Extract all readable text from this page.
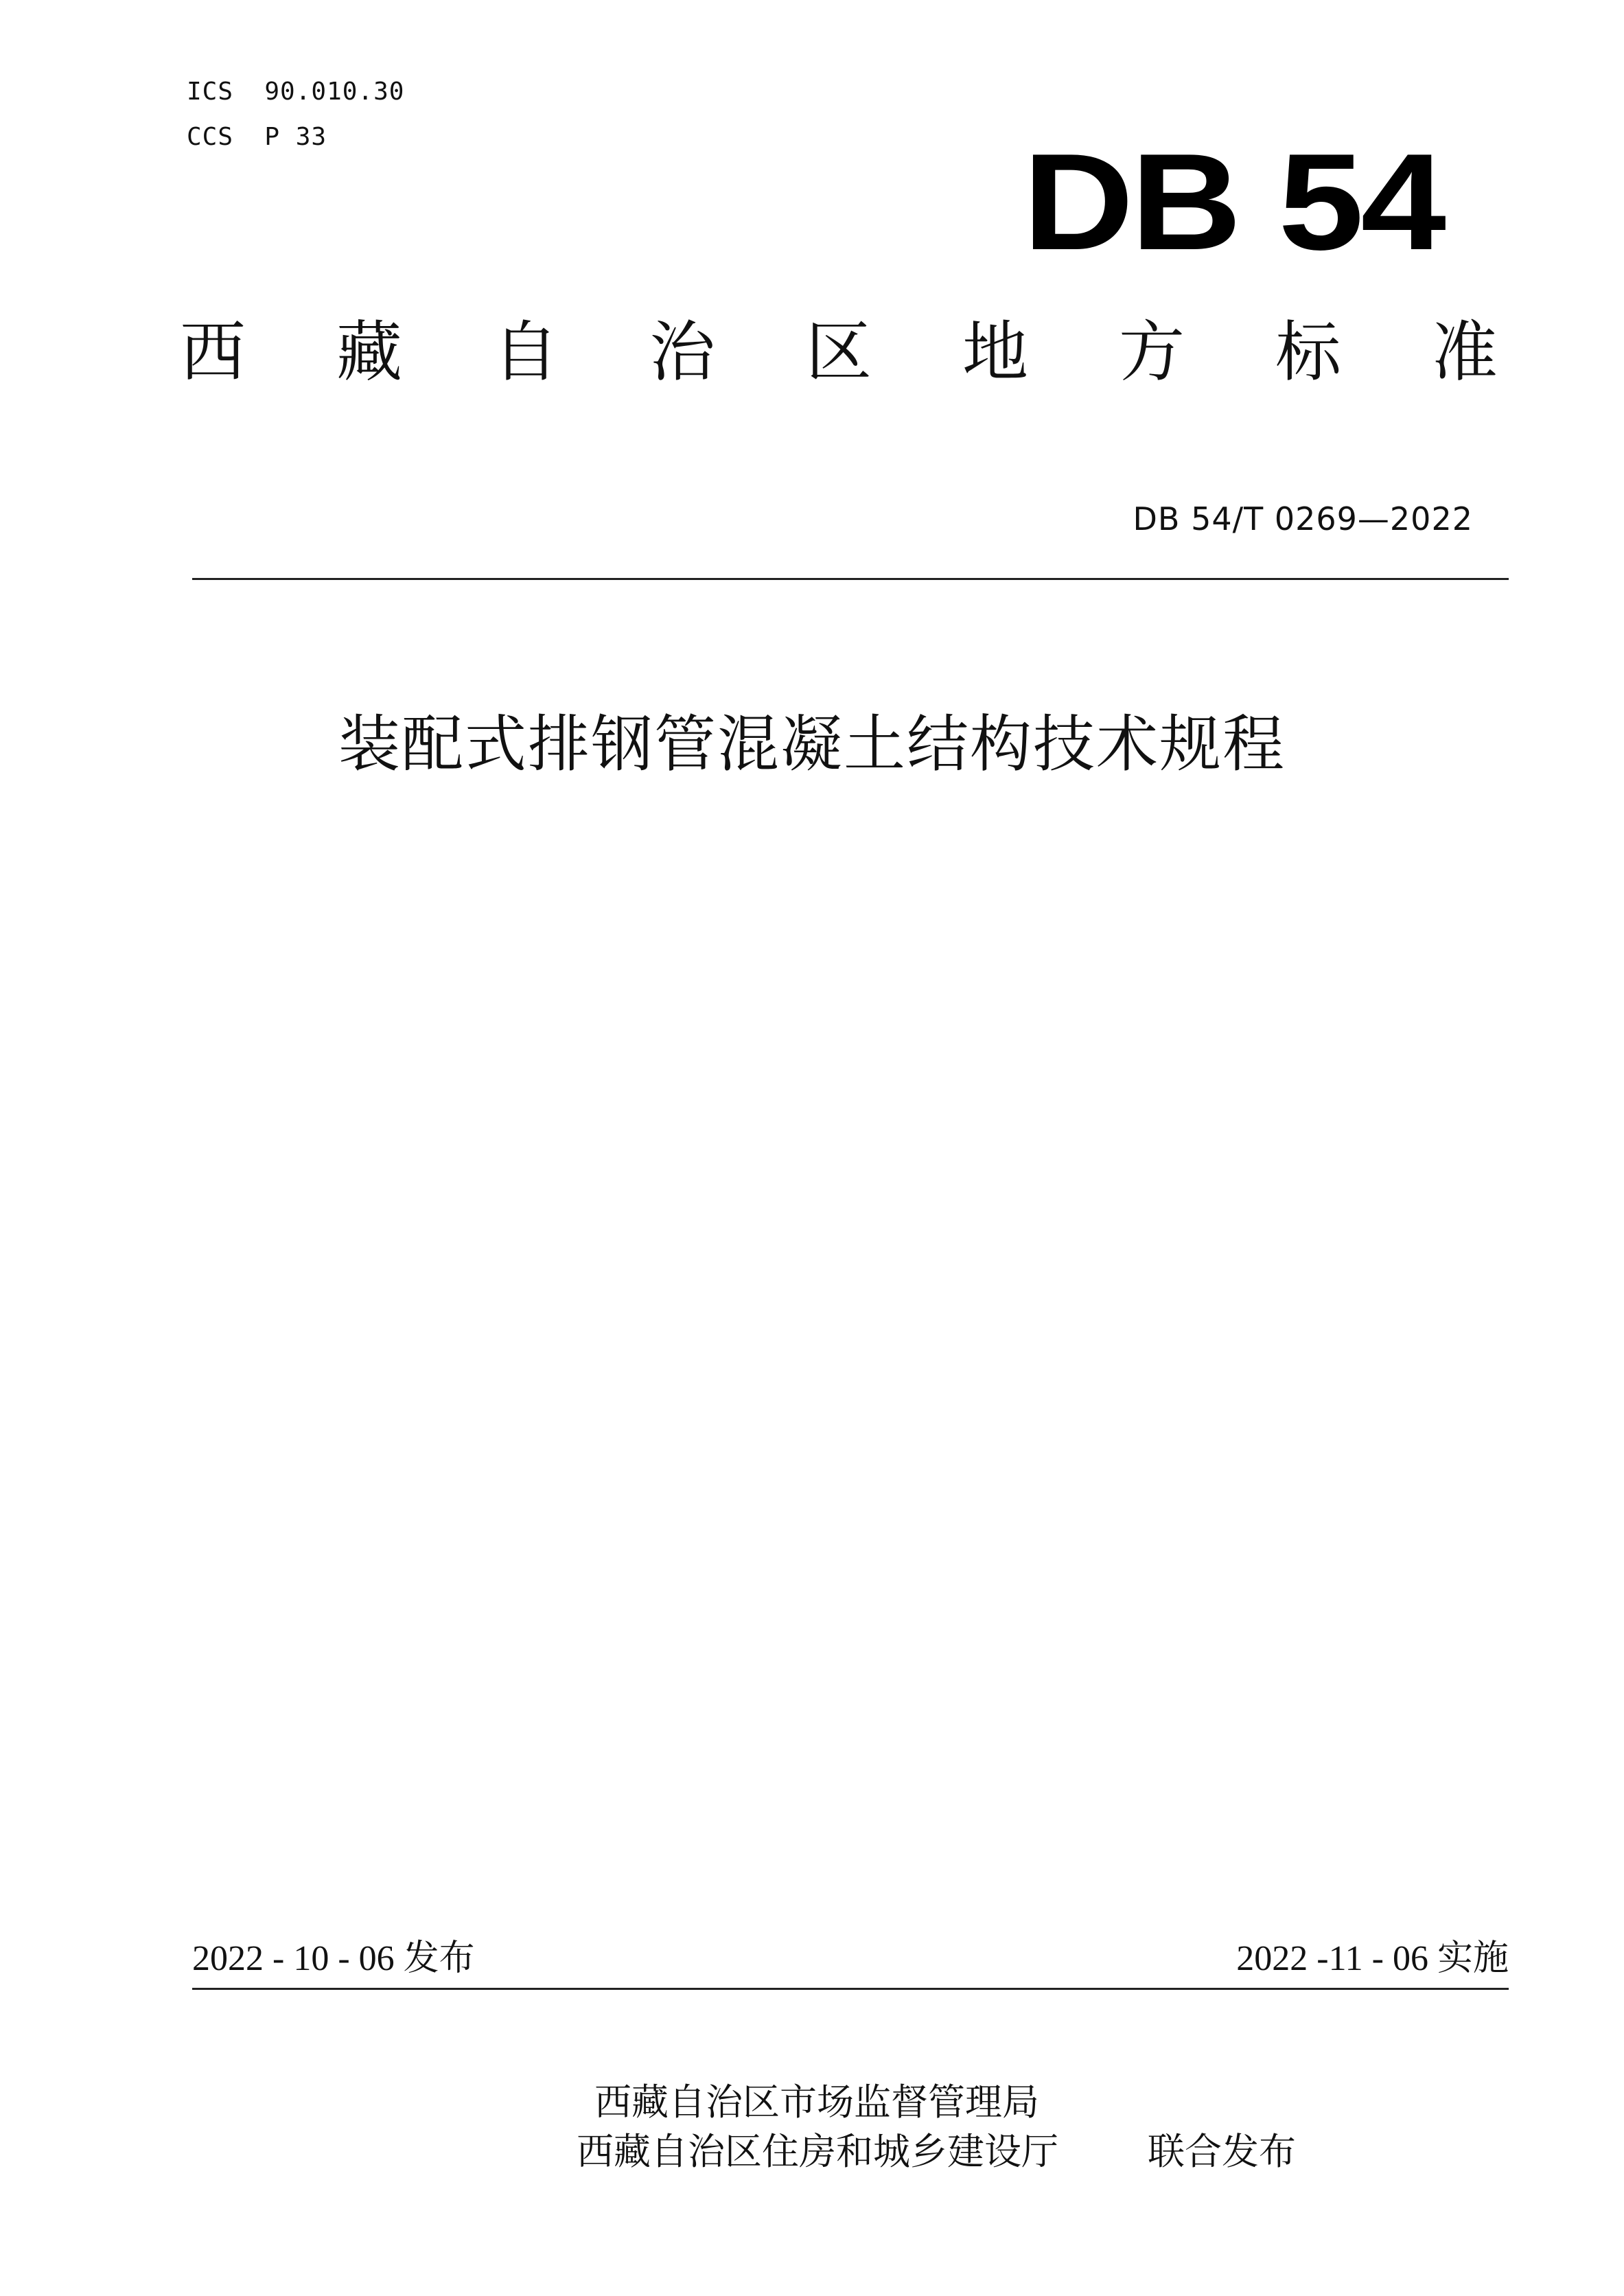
ICS  90.010.30
CCS  P 33	DB 54
西 藏 自 治 区 地 方 标 准
DB 54/T 0269—2022
装配式排钢管混凝土结构技术规程
2022 - 10 - 06 发布	2022 -11 - 06 实施
西藏自治区市场监督管理局
西藏自治区住房和城乡建设厅 联合发布
